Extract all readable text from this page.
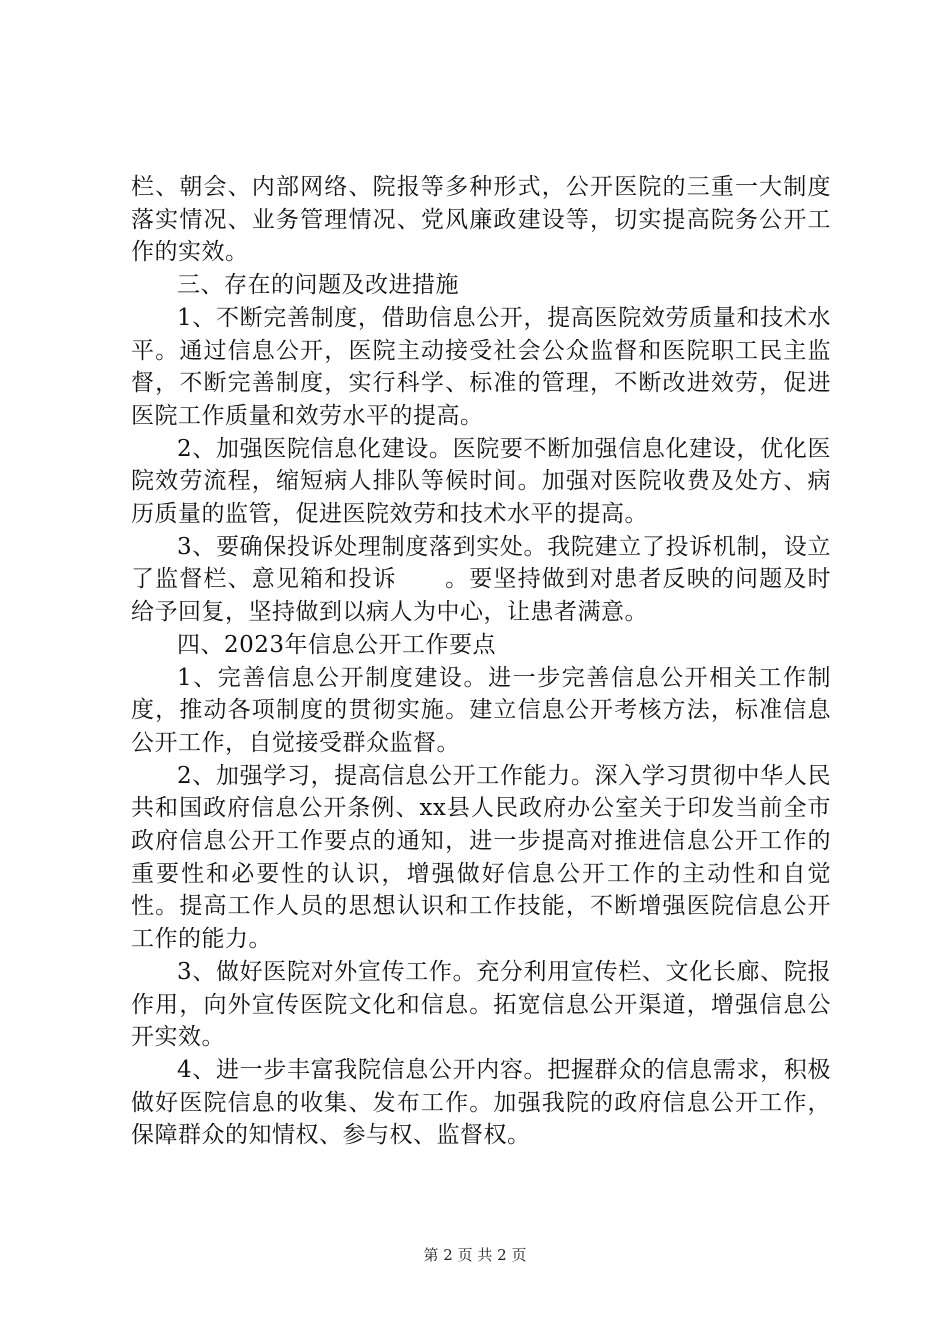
栏、朝会、内部网络、院报等多种形式，公开医院的三重一大制度落实情况、业务管理情况、党风廉政建设等，切实提高院务公开工作的实效。

三、存在的问题及改进措施

1、不断完善制度，借助信息公开，提高医院效劳质量和技术水平。通过信息公开，医院主动接受社会公众监督和医院职工民主监督，不断完善制度，实行科学、标准的管理，不断改进效劳，促进医院工作质量和效劳水平的提高。

2、加强医院信息化建设。医院要不断加强信息化建设，优化医院效劳流程，缩短病人排队等候时间。加强对医院收费及处方、病历质量的监管，促进医院效劳和技术水平的提高。

3、要确保投诉处理制度落到实处。我院建立了投诉机制，设立了监督栏、意见箱和投诉　　。要坚持做到对患者反映的问题及时给予回复，坚持做到以病人为中心，让患者满意。

四、2023年信息公开工作要点

1、完善信息公开制度建设。进一步完善信息公开相关工作制度，推动各项制度的贯彻实施。建立信息公开考核方法，标准信息公开工作，自觉接受群众监督。

2、加强学习，提高信息公开工作能力。深入学习贯彻中华人民共和国政府信息公开条例、xx县人民政府办公室关于印发当前全市政府信息公开工作要点的通知，进一步提高对推进信息公开工作的重要性和必要性的认识，增强做好信息公开工作的主动性和自觉性。提高工作人员的思想认识和工作技能，不断增强医院信息公开工作的能力。

3、做好医院对外宣传工作。充分利用宣传栏、文化长廊、院报作用，向外宣传医院文化和信息。拓宽信息公开渠道，增强信息公开实效。

4、进一步丰富我院信息公开内容。把握群众的信息需求，积极做好医院信息的收集、发布工作。加强我院的政府信息公开工作，保障群众的知情权、参与权、监督权。

第 2 页 共 2 页
